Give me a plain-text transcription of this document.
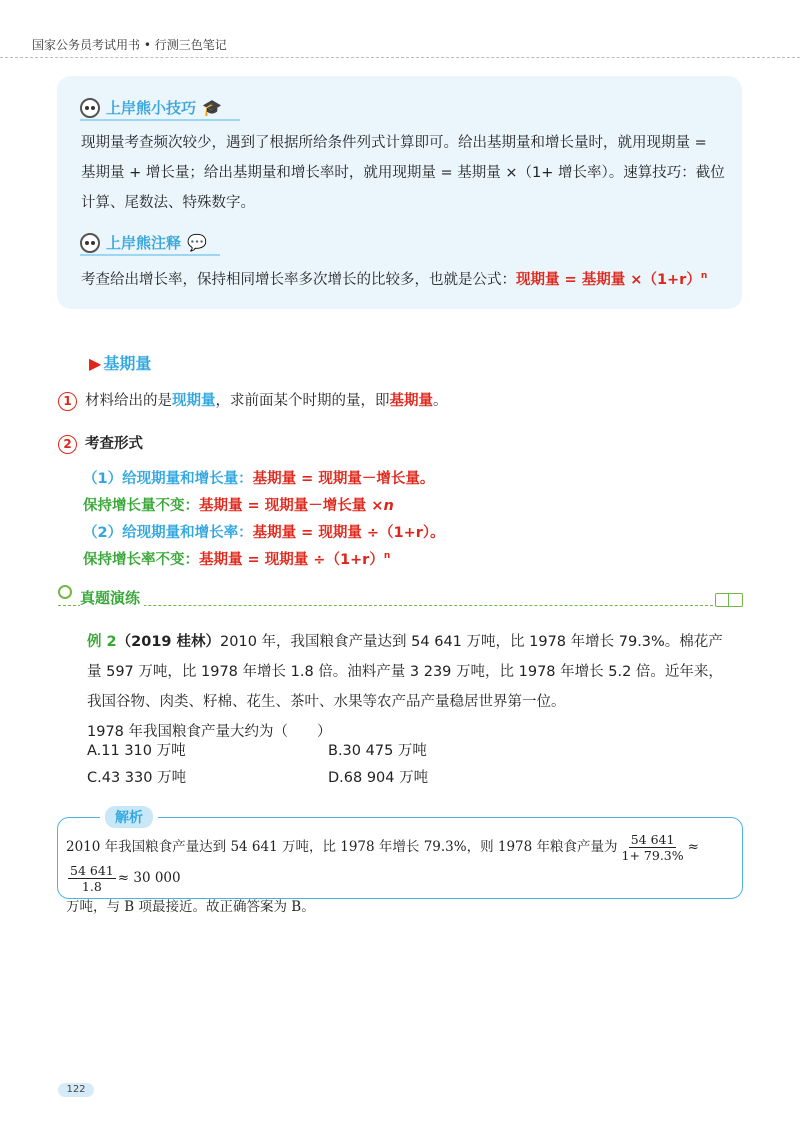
国家公务员考试用书 • 行测三色笔记
上岸熊小技巧 🎓
现期量考查频次较少，遇到了根据所给条件列式计算即可。给出基期量和增长量时，就用现期量 =
基期量 + 增长量；给出基期量和增长率时，就用现期量 = 基期量 ×（1+ 增长率）。速算技巧：截位
计算、尾数法、特殊数字。
上岸熊注释 💬
考查给出增长率，保持相同增长率多次增长的比较多，也就是公式：现期量 = 基期量 $\times(1+r)^n$
▶ 基期量
1 材料给出的是现期量，求前面某个时期的量，即基期量。
2 考查形式
（1）给现期量和增长量：基期量 = 现期量－增长量。
保持增长量不变：基期量 = 现期量－增长量 ×n
（2）给现期量和增长率：基期量 = 现期量 ÷（1+r）。
保持增长率不变：基期量 = 现期量 $\div(1+r)^n$
真题演练
例 2（2019 桂林）2010 年，我国粮食产量达到 54 641 万吨，比 1978 年增长 79.3%。棉花产量 597 万吨，比 1978 年增长 1.8 倍。油料产量 3 239 万吨，比 1978 年增长 5.2 倍。近年来，我国谷物、肉类、籽棉、花生、茶叶、水果等农产品产量稳居世界第一位。
1978 年我国粮食产量大约为（　　）
A.11 310 万吨	B.30 475 万吨
C.43 330 万吨	D.68 904 万吨
解析
2010 年我国粮食产量达到 54 641 万吨，比 1978 年增长 79.3%，则 1978 年粮食产量为 $\frac{54 641}{1+ 79.3\%}$ ≈
$\frac{54 641}{1.8} \approx 30$ 000
万吨，与 B 项最接近。故正确答案为 B。
122
